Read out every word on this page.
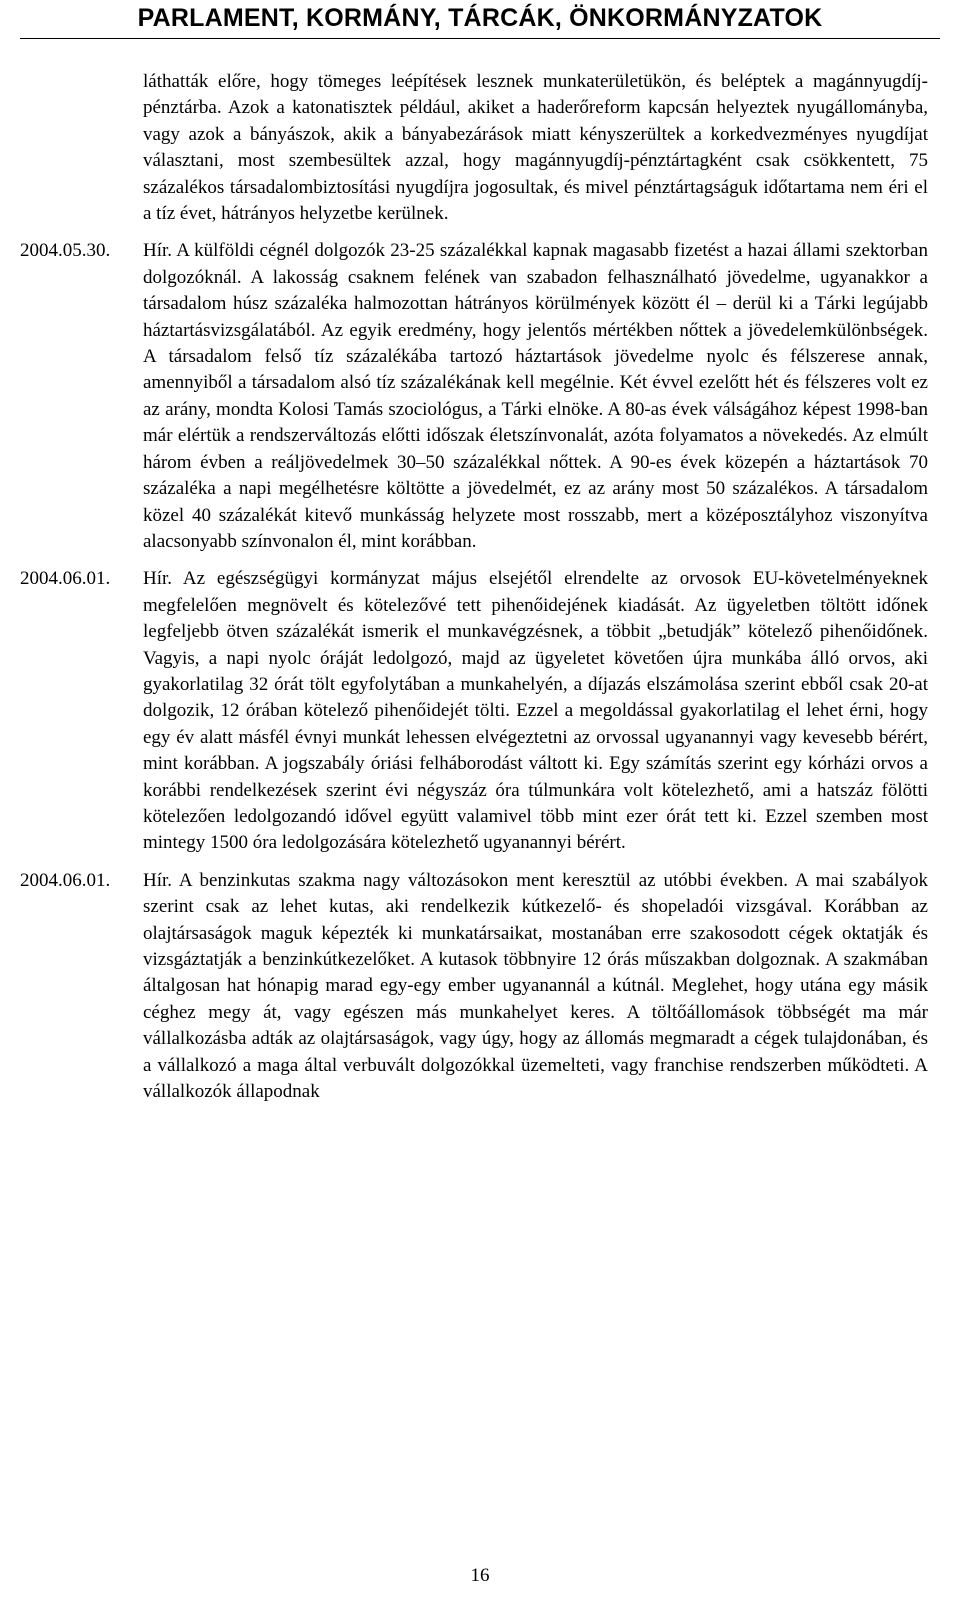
PARLAMENT, KORMÁNY, TÁRCÁK, ÖNKORMÁNYZATOK
láthatták előre, hogy tömeges leépítések lesznek munkaterületükön, és beléptek a magánnyugdíj-pénztárba. Azok a katonatisztek például, akiket a haderőreform kapcsán helyeztek nyugállományba, vagy azok a bányászok, akik a bányabezárások miatt kényszerültek a korkedvezményes nyugdíjat választani, most szembesültek azzal, hogy magánnyugdíj-pénztártagként csak csökkentett, 75 százalékos társadalombiztosítási nyugdíjra jogosultak, és mivel pénztártagságuk időtartama nem éri el a tíz évet, hátrányos helyzetbe kerülnek.
2004.05.30. Hír. A külföldi cégnél dolgozók 23-25 százalékkal kapnak magasabb fizetést a hazai állami szektorban dolgozóknál. A lakosság csaknem felének van szabadon felhasználható jövedelme, ugyanakkor a társadalom húsz százaléka halmozottan hátrányos körülmények között él – derül ki a Tárki legújabb háztartásvizsgálatából. Az egyik eredmény, hogy jelentős mértékben nőttek a jövedelemkülönbségek. A társadalom felső tíz százalékába tartozó háztartások jövedelme nyolc és félszerese annak, amennyiből a társadalom alsó tíz százalékának kell megélnie. Két évvel ezelőtt hét és félszeres volt ez az arány, mondta Kolosi Tamás szociológus, a Tárki elnöke. A 80-as évek válságához képest 1998-ban már elértük a rendszerváltozás előtti időszak életszínvonalát, azóta folyamatos a növekedés. Az elmúlt három évben a reáljövedelmek 30–50 százalékkal nőttek. A 90-es évek közepén a háztartások 70 százaléka a napi megélhetésre költötte a jövedelmét, ez az arány most 50 százalékos. A társadalom közel 40 százalékát kitevő munkásság helyzete most rosszabb, mert a középosztályhoz viszonyítva alacsonyabb színvonalon él, mint korábban.
2004.06.01. Hír. Az egészségügyi kormányzat május elsejétől elrendelte az orvosok EU-követelményeknek megfelelően megnövelt és kötelezővé tett pihenőidejének kiadását. Az ügyeletben töltött időnek legfeljebb ötven százalékát ismerik el munkavégzésnek, a többit „betudják” kötelező pihenőidőnek. Vagyis, a napi nyolc óráját ledolgozó, majd az ügyeletet követően újra munkába álló orvos, aki gyakorlatilag 32 órát tölt egyfolytában a munkahelyén, a díjazás elszámolása szerint ebből csak 20-at dolgozik, 12 órában kötelező pihenőidejét tölti. Ezzel a megoldással gyakorlatilag el lehet érni, hogy egy év alatt másfél évnyi munkát lehessen elvégeztetni az orvossal ugyanannyi vagy kevesebb bérért, mint korábban. A jogszabály óriási felháborodást váltott ki. Egy számítás szerint egy kórházi orvos a korábbi rendelkezések szerint évi négyszáz óra túlmunkára volt kötelezhető, ami a hatszáz fölötti kötelezően ledolgozandó idővel együtt valamivel több mint ezer órát tett ki. Ezzel szemben most mintegy 1500 óra ledolgozására kötelezhető ugyanannyi bérért.
2004.06.01. Hír. A benzinkutas szakma nagy változásokon ment keresztül az utóbbi években. A mai szabályok szerint csak az lehet kutas, aki rendelkezik kútkezelő- és shopeladói vizsgával. Korábban az olajtársaságok maguk képezték ki munkatársaikat, mostanában erre szakosodott cégek oktatják és vizsgáztatják a benzinkútkezelőket. A kutasok többnyire 12 órás műszakban dolgoznak. A szakmában általgosan hat hónapig marad egy-egy ember ugyanannál a kútnál. Meglehet, hogy utána egy másik céghez megy át, vagy egészen más munkahelyet keres. A töltőállomások többségét ma már vállalkozásba adták az olajtársaságok, vagy úgy, hogy az állomás megmaradt a cégek tulajdonában, és a vállalkozó a maga által verbuvált dolgozókkal üzemelteti, vagy franchise rendszerben működteti. A vállalkozók állapodnak
16
